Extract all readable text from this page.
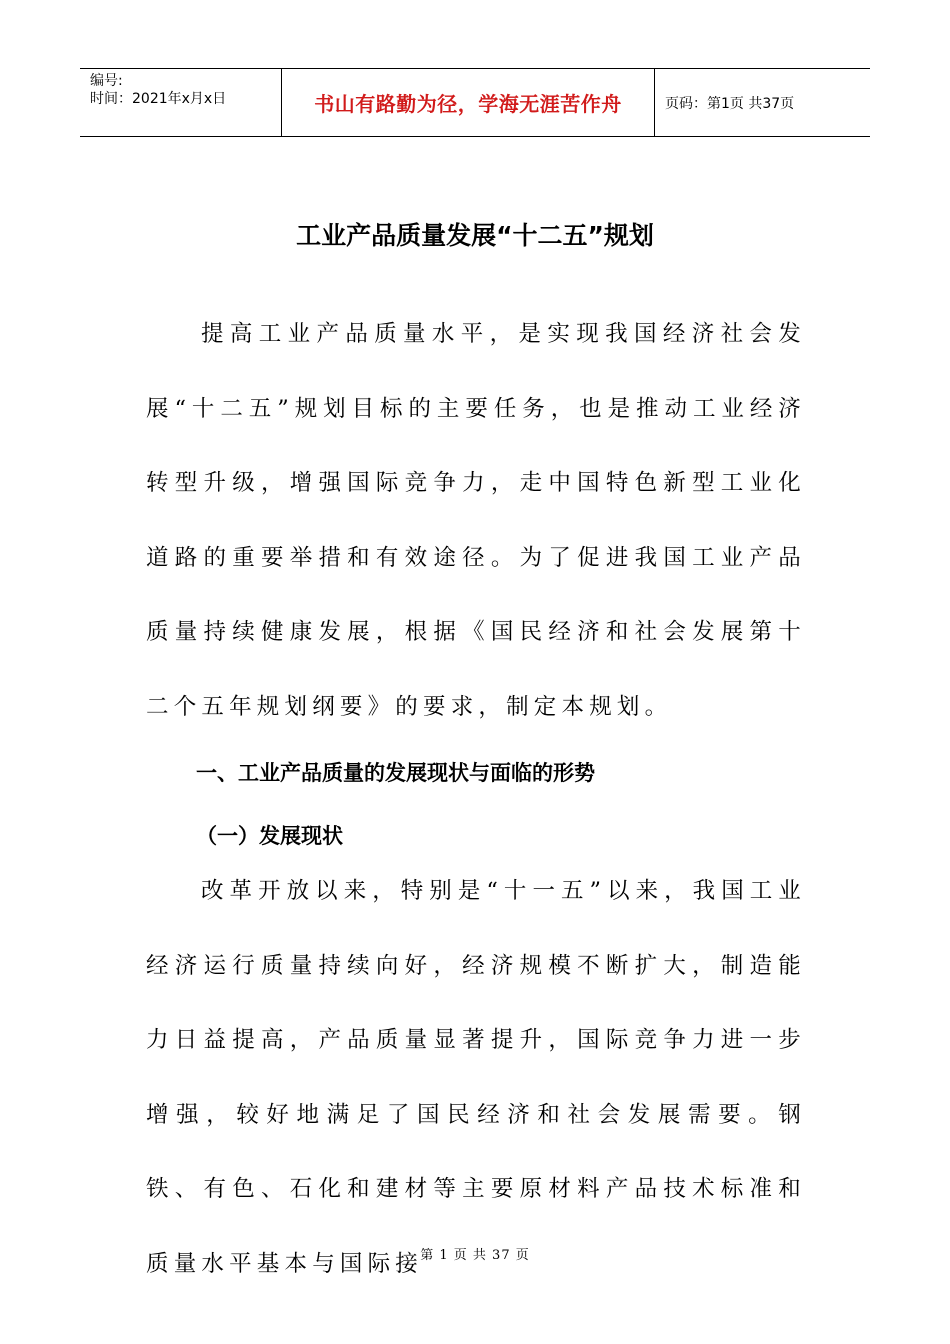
编号:
时间：2021年x月x日	书山有路勤为径，学海无涯苦作舟	页码：第1页 共37页
工业产品质量发展“十二五”规划
提高工业产品质量水平，是实现我国经济社会发展“十二五”规划目标的主要任务，也是推动工业经济转型升级，增强国际竞争力，走中国特色新型工业化道路的重要举措和有效途径。为了促进我国工业产品质量持续健康发展，根据《国民经济和社会发展第十二个五年规划纲要》的要求，制定本规划。
一、工业产品质量的发展现状与面临的形势
（一）发展现状
改革开放以来，特别是“十一五”以来，我国工业经济运行质量持续向好，经济规模不断扩大，制造能力日益提高，产品质量显著提升，国际竞争力进一步增强，较好地满足了国民经济和社会发展需要。钢铁、有色、石化和建材等主要原材料产品技术标准和质量水平基本与国际接
第 1 页 共 37 页
